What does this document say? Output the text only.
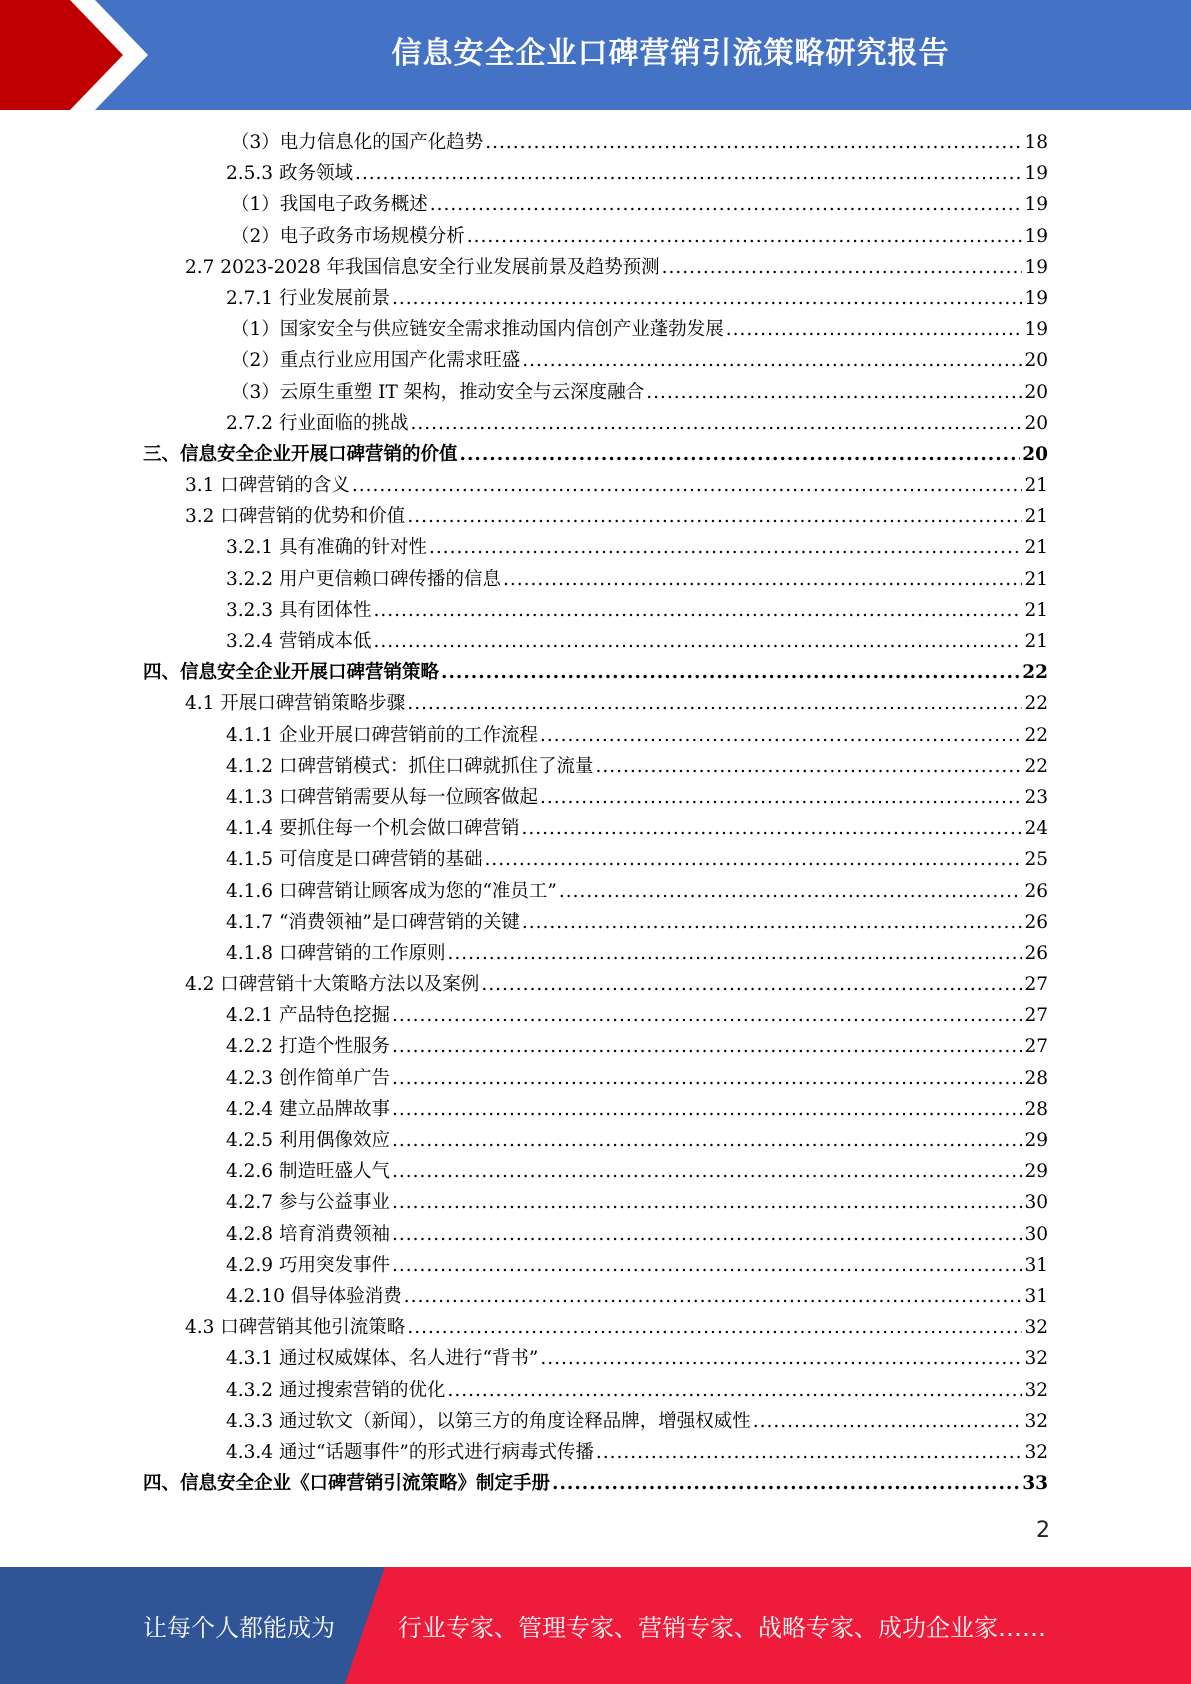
信息安全企业口碑营销引流策略研究报告
（3）电力信息化的国产化趋势 .....	18
2.5.3 政务领域 .....	19
（1）我国电子政务概述 .....	19
（2）电子政务市场规模分析 .....	19
2.7 2023-2028 年我国信息安全行业发展前景及趋势预测 .....	19
2.7.1 行业发展前景 .....	19
（1）国家安全与供应链安全需求推动国内信创产业蓬勃发展 .....	19
（2）重点行业应用国产化需求旺盛 .....	20
（3）云原生重塑 IT 架构，推动安全与云深度融合 .....	20
2.7.2 行业面临的挑战 .....	20
三、信息安全企业开展口碑营销的价值 .....	20
3.1 口碑营销的含义 .....	21
3.2 口碑营销的优势和价值 .....	21
3.2.1 具有准确的针对性 .....	21
3.2.2 用户更信赖口碑传播的信息 .....	21
3.2.3 具有团体性 .....	21
3.2.4 营销成本低 .....	21
四、信息安全企业开展口碑营销策略 .....	22
4.1 开展口碑营销策略步骤 .....	22
4.1.1 企业开展口碑营销前的工作流程 .....	22
4.1.2 口碑营销模式：抓住口碑就抓住了流量 .....	22
4.1.3 口碑营销需要从每一位顾客做起 .....	23
4.1.4 要抓住每一个机会做口碑营销 .....	24
4.1.5 可信度是口碑营销的基础 .....	25
4.1.6 口碑营销让顾客成为您的“准员工” .....	26
4.1.7 “消费领袖”是口碑营销的关键 .....	26
4.1.8 口碑营销的工作原则 .....	26
4.2 口碑营销十大策略方法以及案例 .....	27
4.2.1 产品特色挖掘 .....	27
4.2.2 打造个性服务 .....	27
4.2.3 创作简单广告 .....	28
4.2.4 建立品牌故事 .....	28
4.2.5 利用偶像效应 .....	29
4.2.6 制造旺盛人气 .....	29
4.2.7 参与公益事业 .....	30
4.2.8 培育消费领袖 .....	30
4.2.9 巧用突发事件 .....	31
4.2.10 倡导体验消费 .....	31
4.3 口碑营销其他引流策略 .....	32
4.3.1 通过权威媒体、名人进行“背书” .....	32
4.3.2 通过搜索营销的优化 .....	32
4.3.3 通过软文（新闻），以第三方的角度诠释品牌，增强权威性 .....	32
4.3.4 通过“话题事件”的形式进行病毒式传播 .....	32
四、信息安全企业《口碑营销引流策略》制定手册 .....	33
2
让每个人都能成为	行业专家、管理专家、营销专家、战略专家、成功企业家……
